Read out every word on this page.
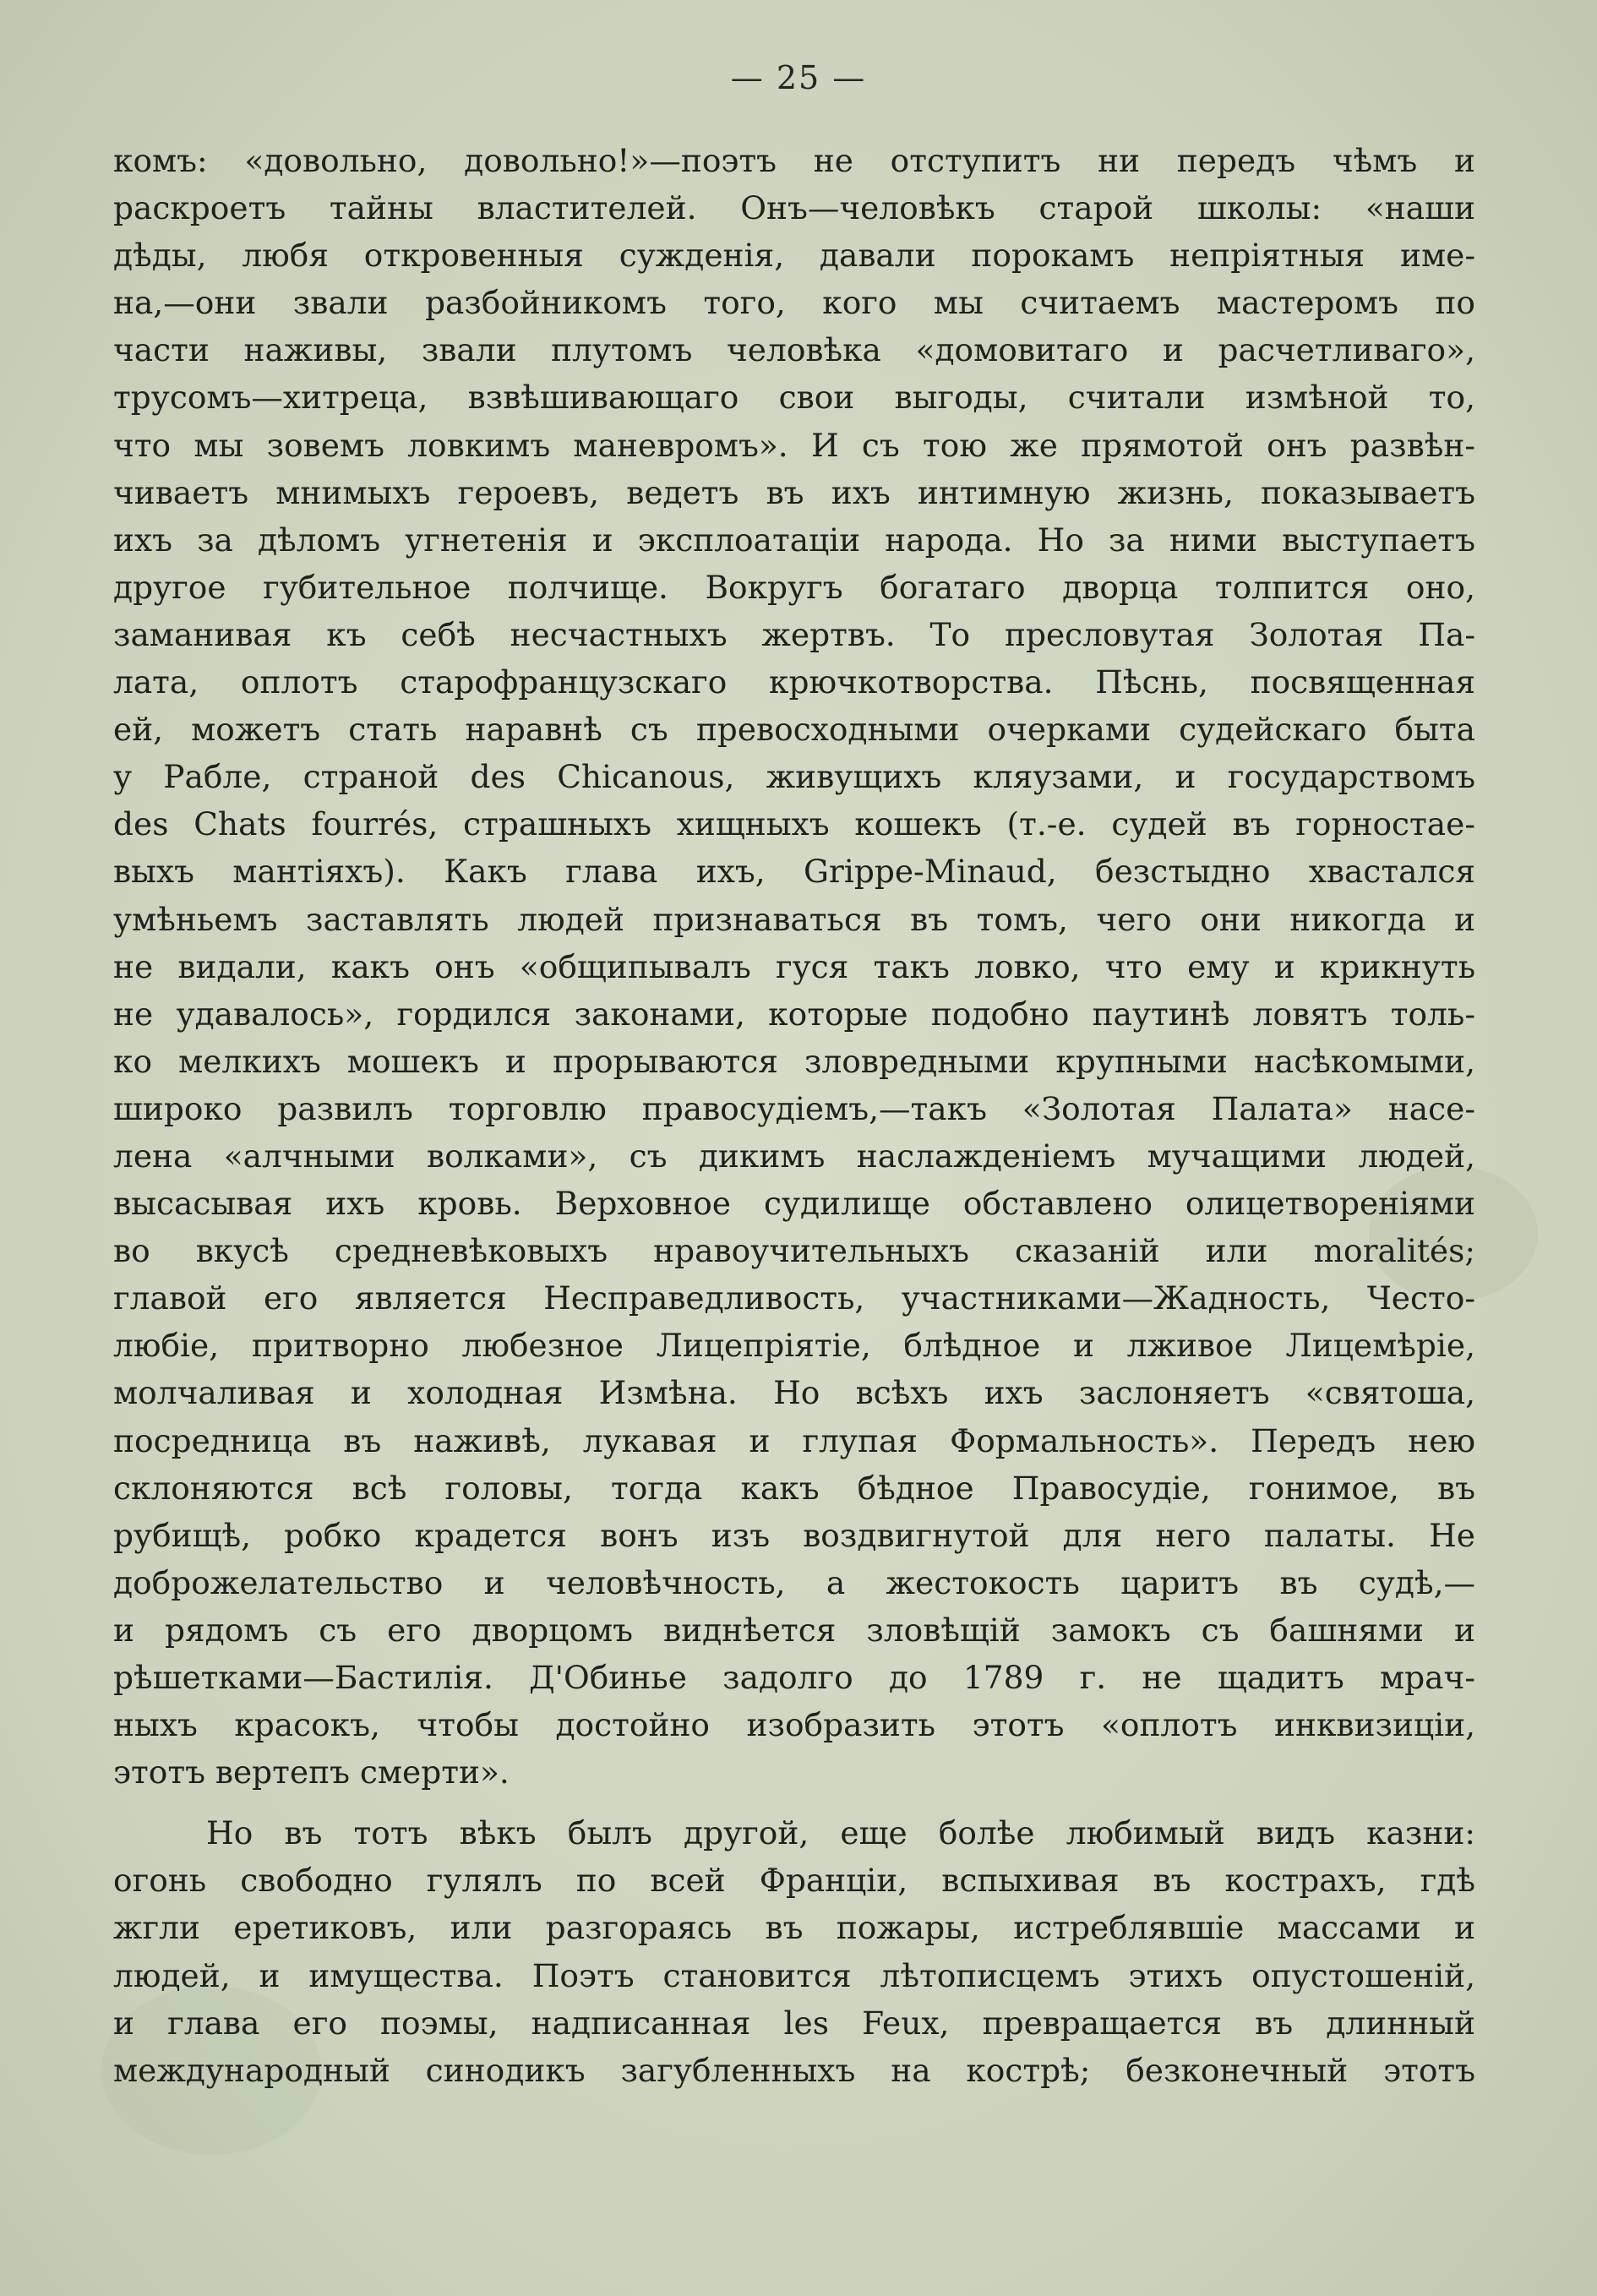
— 25 —
комъ: «довольно, довольно!»—поэтъ не отступитъ ни передъ чѣмъ и
раскроетъ тайны властителей. Онъ—человѣкъ старой школы: «наши
дѣды, любя откровенныя сужденія, давали порокамъ непріятныя име-
на,—они звали разбойникомъ того, кого мы считаемъ мастеромъ по
части наживы, звали плутомъ человѣка «домовитаго и расчетливаго»,
трусомъ—хитреца, взвѣшивающаго свои выгоды, считали измѣной то,
что мы зовемъ ловкимъ маневромъ». И съ тою же прямотой онъ развѣн-
чиваетъ мнимыхъ героевъ, ведетъ въ ихъ интимную жизнь, показываетъ
ихъ за дѣломъ угнетенія и эксплоатаціи народа. Но за ними выступаетъ
другое губительное полчище. Вокругъ богатаго дворца толпится оно,
заманивая къ себѣ несчастныхъ жертвъ. То пресловутая Золотая Па-
лата, оплотъ старофранцузскаго крючкотворства. Пѣснь, посвященная
ей, можетъ стать наравнѣ съ превосходными очерками судейскаго быта
у Рабле, страной des Chicanous, живущихъ кляузами, и государствомъ
des Chats fourrés, страшныхъ хищныхъ кошекъ (т.-е. судей въ горностае-
выхъ мантіяхъ). Какъ глава ихъ, Grippe-Minaud, безстыдно хвастался
умѣньемъ заставлять людей признаваться въ томъ, чего они никогда и
не видали, какъ онъ «общипывалъ гуся такъ ловко, что ему и крикнуть
не удавалось», гордился законами, которые подобно паутинѣ ловятъ толь-
ко мелкихъ мошекъ и прорываются зловредными крупными насѣкомыми,
широко развилъ торговлю правосудіемъ,—такъ «Золотая Палата» насе-
лена «алчными волками», съ дикимъ наслажденіемъ мучащими людей,
высасывая ихъ кровь. Верховное судилище обставлено олицетвореніями
во вкусѣ средневѣковыхъ нравоучительныхъ сказаній или moralités;
главой его является Несправедливость, участниками—Жадность, Често-
любіе, притворно любезное Лицепріятіе, блѣдное и лживое Лицемѣріе,
молчаливая и холодная Измѣна. Но всѣхъ ихъ заслоняетъ «святоша,
посредница въ наживѣ, лукавая и глупая Формальность». Передъ нею
склоняются всѣ головы, тогда какъ бѣдное Правосудіе, гонимое, въ
рубищѣ, робко крадется вонъ изъ воздвигнутой для него палаты. Не
доброжелательство и человѣчность, а жестокость царитъ въ судѣ,—
и рядомъ съ его дворцомъ виднѣется зловѣщій замокъ съ башнями и
рѣшетками—Бастилія. Д'Обинье задолго до 1789 г. не щадитъ мрач-
ныхъ красокъ, чтобы достойно изобразить этотъ «оплотъ инквизиціи,
этотъ вертепъ смерти».
Но въ тотъ вѣкъ былъ другой, еще болѣе любимый видъ казни:
огонь свободно гулялъ по всей Франціи, вспыхивая въ кострахъ, гдѣ
жгли еретиковъ, или разгораясь въ пожары, истреблявшіе массами и
людей, и имущества. Поэтъ становится лѣтописцемъ этихъ опустошеній,
и глава его поэмы, надписанная les Feux, превращается въ длинный
международный синодикъ загубленныхъ на кострѣ; безконечный этотъ
